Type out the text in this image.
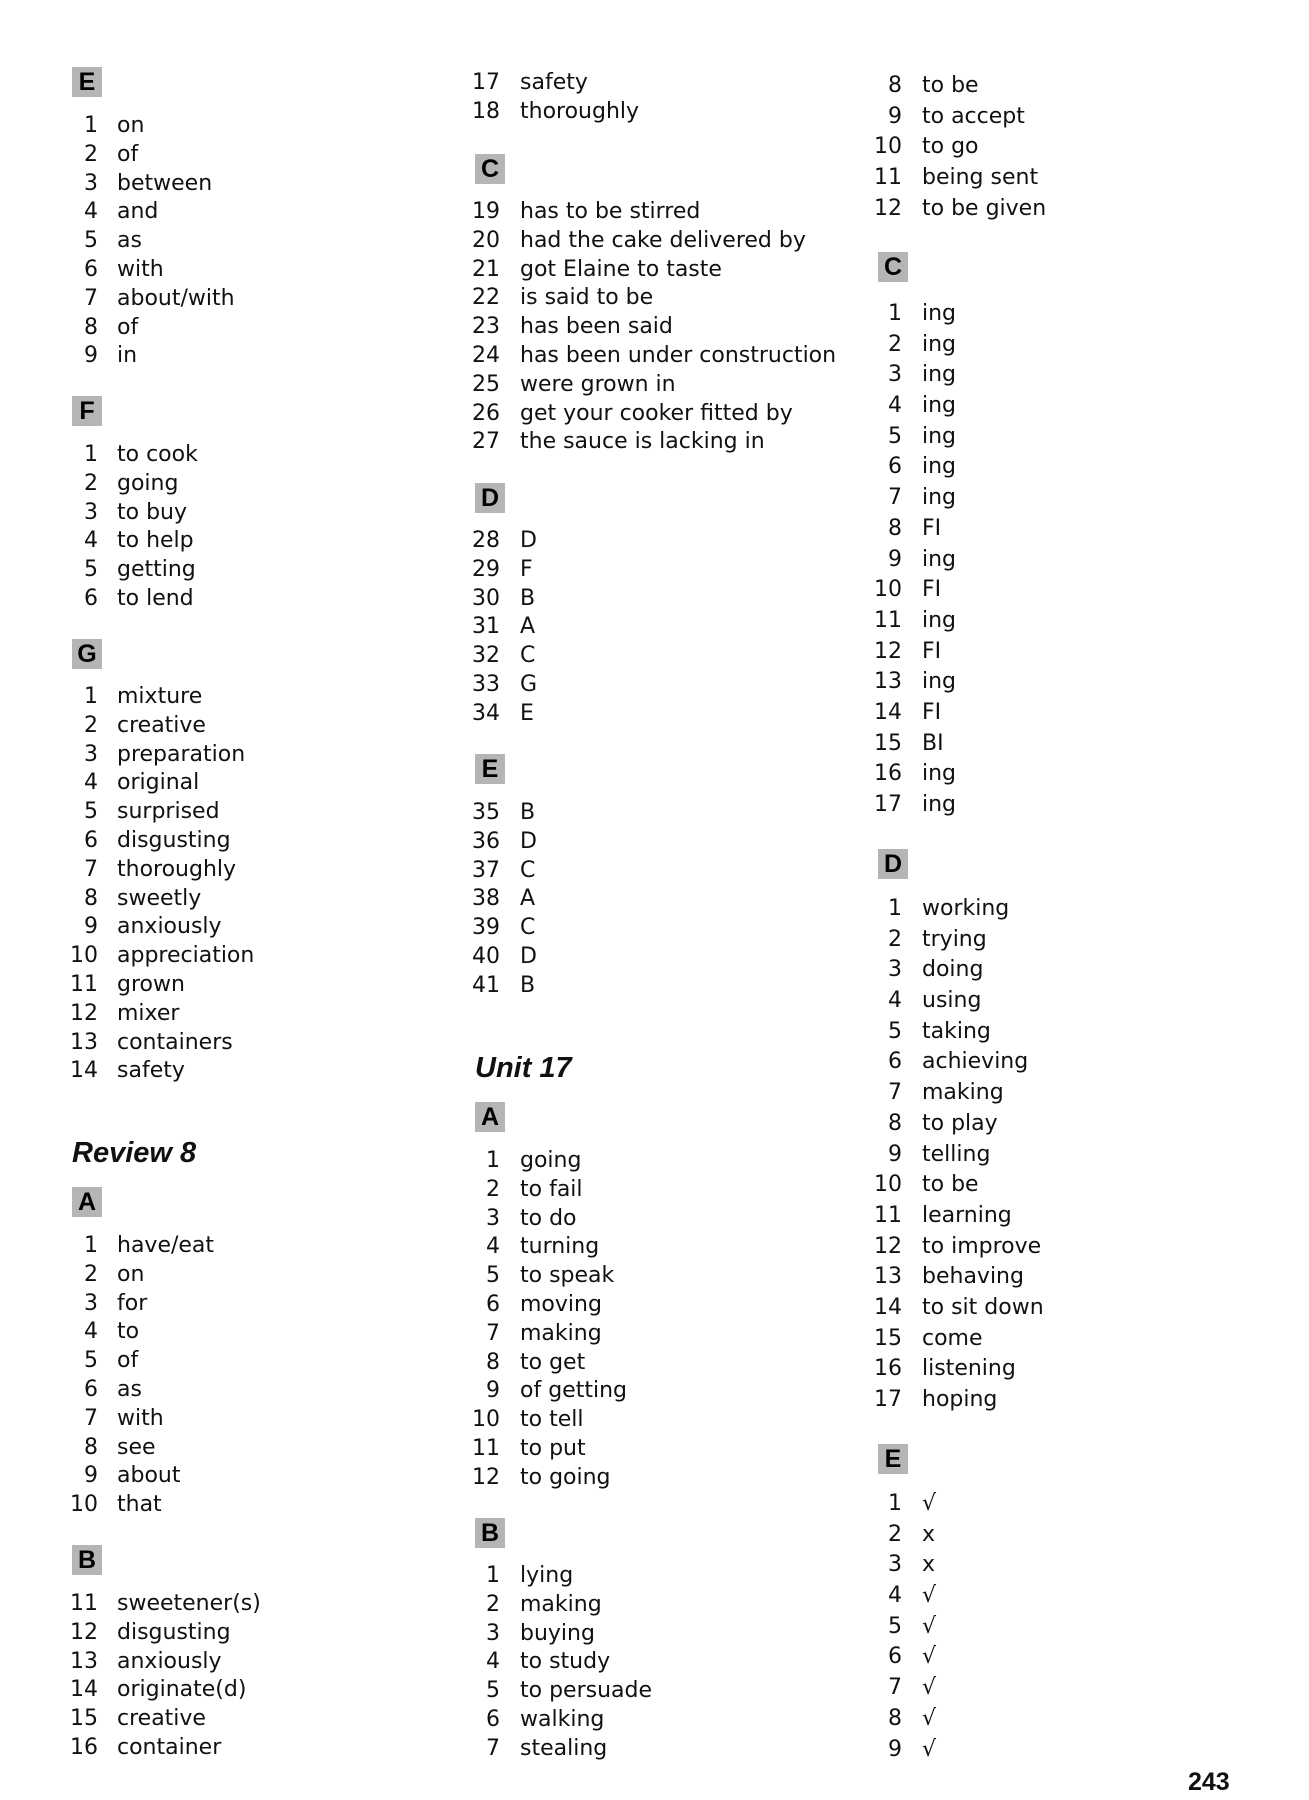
E
1 on
2 of
3 between
4 and
5 as
6 with
7 about/with
8 of
9 in
F
1 to cook
2 going
3 to buy
4 to help
5 getting
6 to lend
G
1 mixture
2 creative
3 preparation
4 original
5 surprised
6 disgusting
7 thoroughly
8 sweetly
9 anxiously
10 appreciation
11 grown
12 mixer
13 containers
14 safety
Review 8
A
1 have/eat
2 on
3 for
4 to
5 of
6 as
7 with
8 see
9 about
10 that
B
11 sweetener(s)
12 disgusting
13 anxiously
14 originate(d)
15 creative
16 container
17 safety
18 thoroughly
C
19 has to be stirred
20 had the cake delivered by
21 got Elaine to taste
22 is said to be
23 has been said
24 has been under construction
25 were grown in
26 get your cooker fitted by
27 the sauce is lacking in
D
28 D
29 F
30 B
31 A
32 C
33 G
34 E
E
35 B
36 D
37 C
38 A
39 C
40 D
41 B
Unit 17
A
1 going
2 to fail
3 to do
4 turning
5 to speak
6 moving
7 making
8 to get
9 of getting
10 to tell
11 to put
12 to going
B
1 lying
2 making
3 buying
4 to study
5 to persuade
6 walking
7 stealing
8 to be
9 to accept
10 to go
11 being sent
12 to be given
C
1 ing
2 ing
3 ing
4 ing
5 ing
6 ing
7 ing
8 FI
9 ing
10 FI
11 ing
12 FI
13 ing
14 FI
15 BI
16 ing
17 ing
D
1 working
2 trying
3 doing
4 using
5 taking
6 achieving
7 making
8 to play
9 telling
10 to be
11 learning
12 to improve
13 behaving
14 to sit down
15 come
16 listening
17 hoping
E
1 √
2 x
3 x
4 √
5 √
6 √
7 √
8 √
9 √
243
